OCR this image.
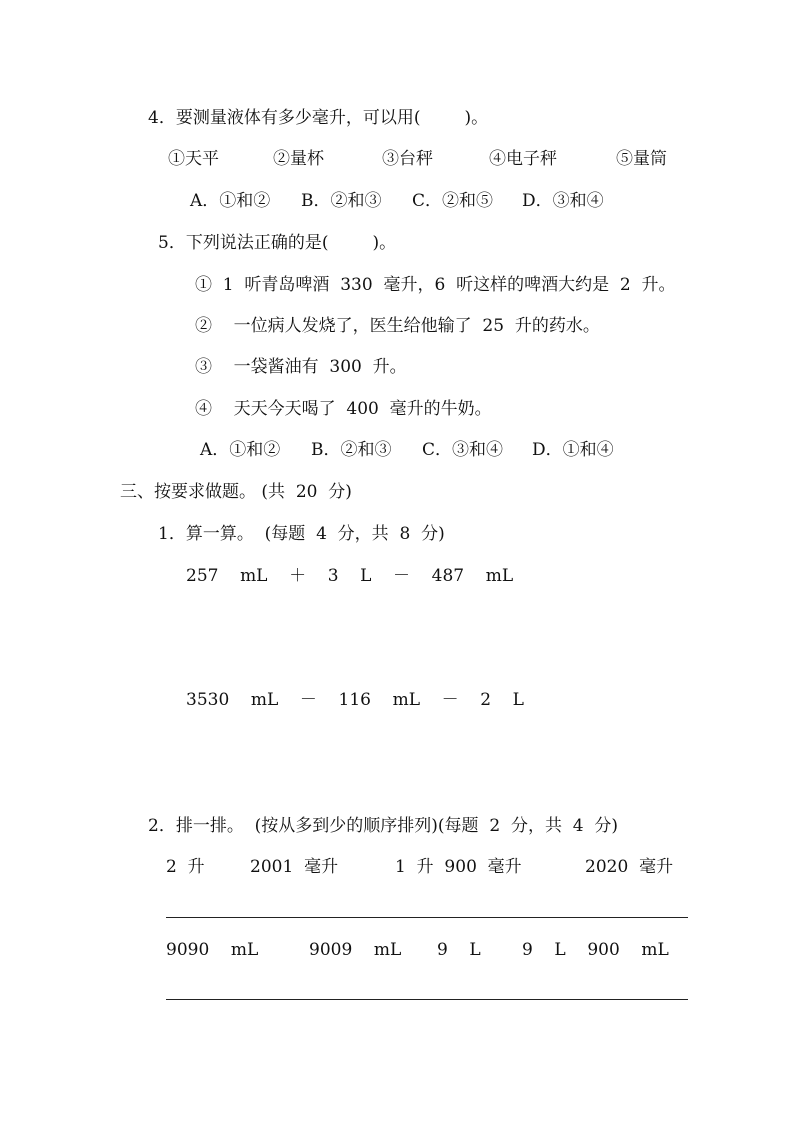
4．要测量液体有多少毫升，可以用(	)。
①天平	②量杯	③台秤	④电子秤	⑤量筒
A．①和② B．②和③ C．②和⑤ D．③和④
5．下列说法正确的是(	)。
①  1  听青岛啤酒  330  毫升，6  听这样的啤酒大约是  2  升。
②    一位病人发烧了，医生给他输了  25  升的药水。
③    一袋酱油有  300  升。
④    天天今天喝了  400  毫升的牛奶。
A．①和② B．②和③ C．③和④ D．①和④
三、按要求做题。 (共  20  分)
1．算一算。  (每题  4  分，共  8  分)
257    mL    ＋    3    L    －    487    mL
3530    mL    －    116    mL    －    2    L
2．排一排。  (按从多到少的顺序排列)(每题  2  分，共  4  分)
2  升	2001  毫升	1  升  900  毫升	2020  毫升
9090    mL	9009    mL 9    L 9    L    900    mL
